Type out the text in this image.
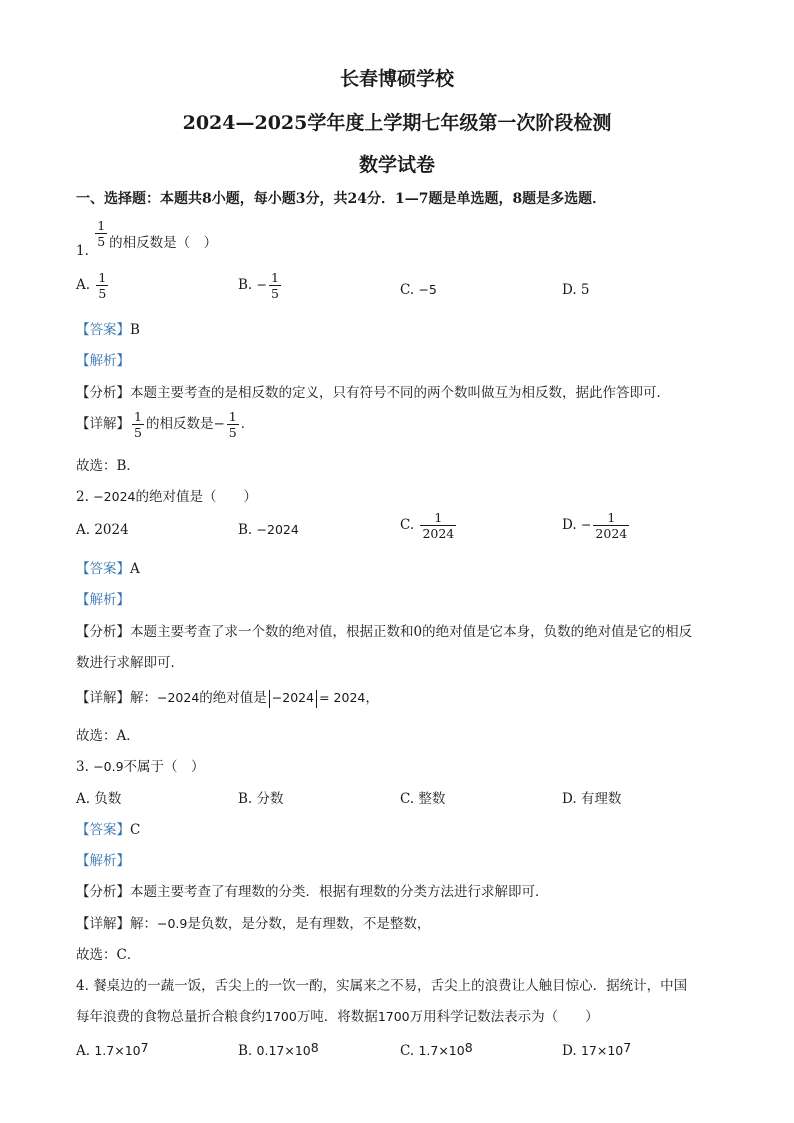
长春博硕学校
2024—2025学年度上学期七年级第一次阶段检测
数学试卷
一、选择题：本题共8小题，每小题3分，共24分．1—7题是单选题，8题是多选题．
1.
$\frac{1}{5}$ 的相反数是（　）
A. $\frac{1}{5}$	B. − $\frac{1}{5}$	C. −5	D. 5
【答案】B
【解析】
【分析】本题主要考查的是相反数的定义，只有符号不同的两个数叫做互为相反数，据此作答即可．
【详解】 $\frac{1}{5}$ 的相反数是− $\frac{1}{5}$ ．
故选：B．
2. −2024的绝对值是（　　）
A. 2024	B. −2024	C. $\frac{1}{2024}$	D. − $\frac{1}{2024}$
【答案】A
【解析】
【分析】本题主要考查了求一个数的绝对值，根据正数和0的绝对值是它本身，负数的绝对值是它的相反
数进行求解即可．
【详解】解：−2024的绝对值是 −2024 = 2024，
故选：A．
3. −0.9不属于（　）
A. 负数	B. 分数	C. 整数	D. 有理数
【答案】C
【解析】
【分析】本题主要考查了有理数的分类．根据有理数的分类方法进行求解即可．
【详解】解：−0.9是负数，是分数，是有理数，不是整数，
故选：C．
4. 餐桌边的一蔬一饭，舌尖上的一饮一酌，实属来之不易，舌尖上的浪费让人触目惊心．据统计，中国
每年浪费的食物总量折合粮食约1700万吨．将数据1700万用科学记数法表示为（　　）
A. $1.7\times 10^7$	B. $0.17\times 10^8$	C. $1.7\times 10^8$	D. $17\times 10^7$
